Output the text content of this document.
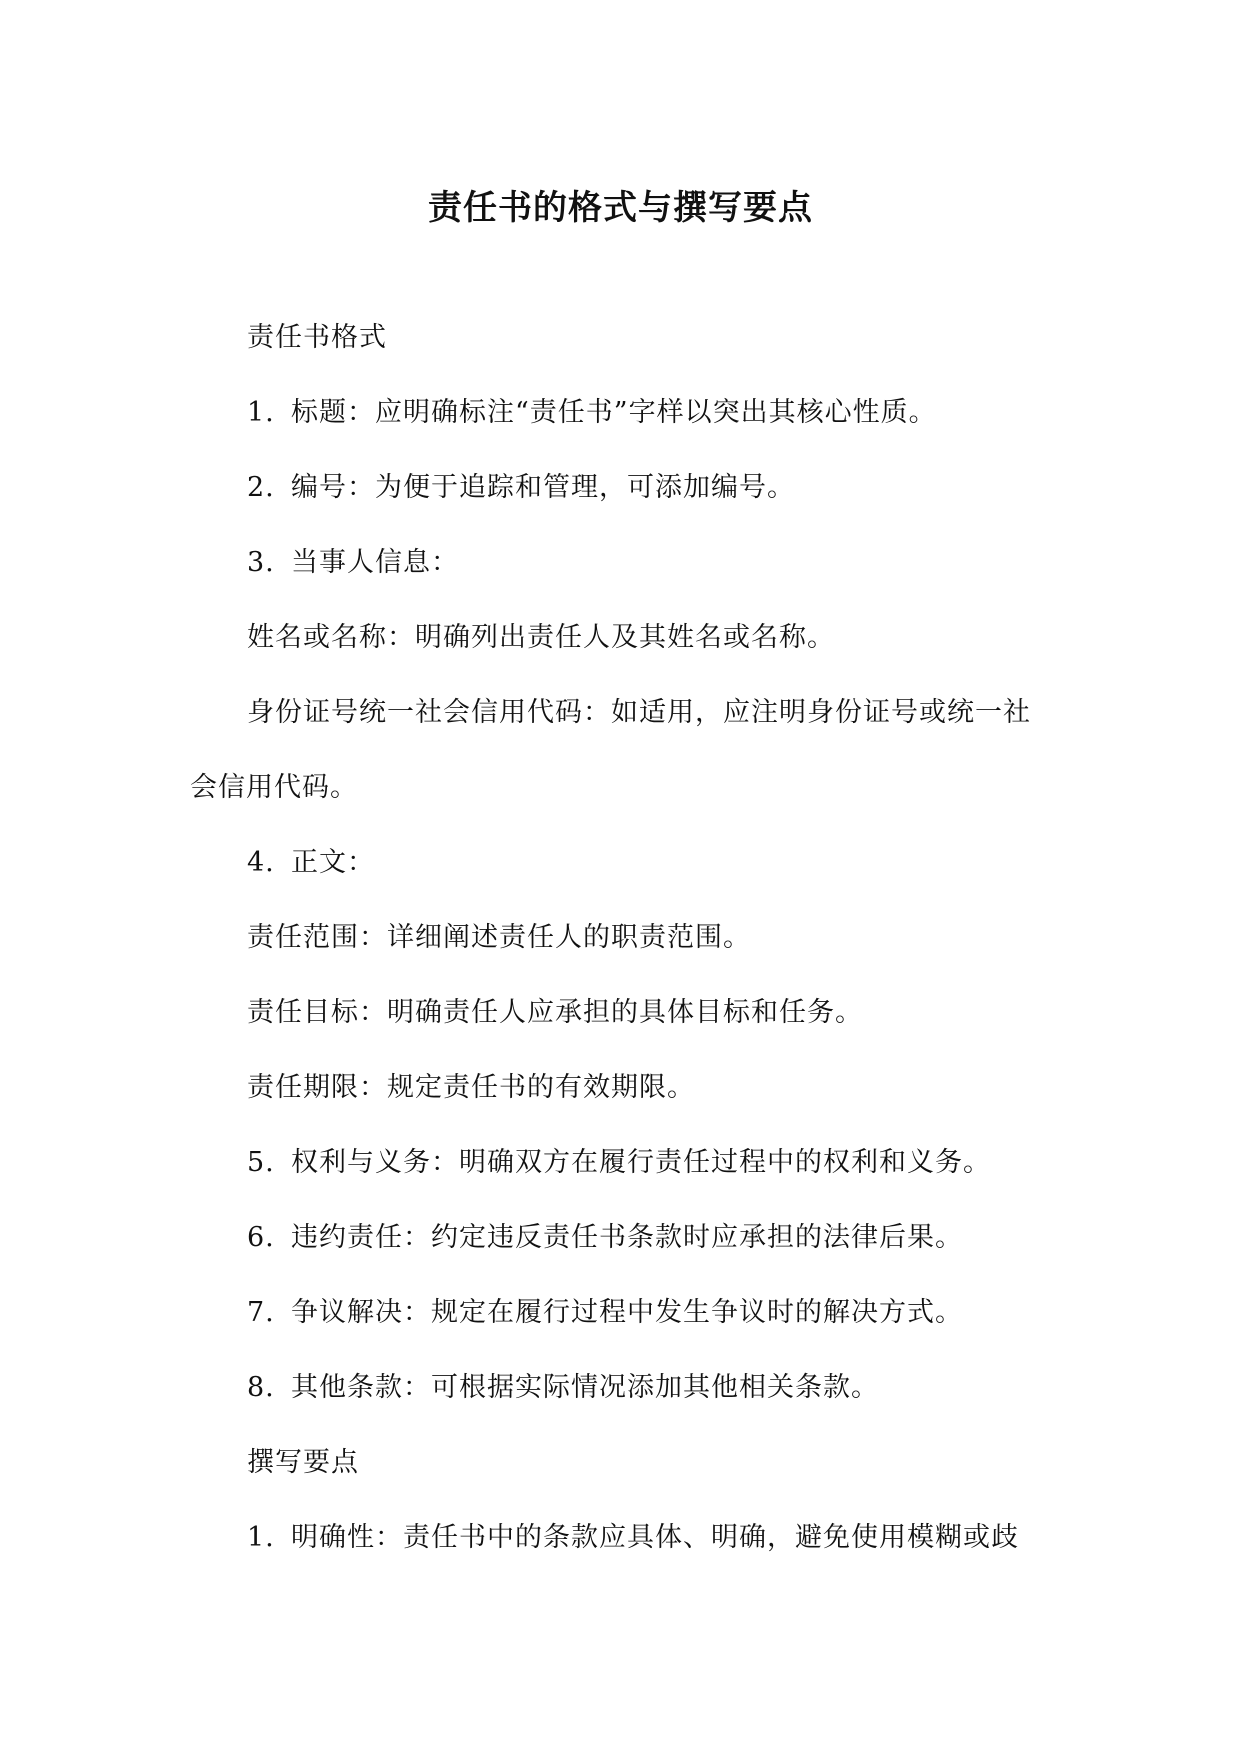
责任书的格式与撰写要点

责任书格式

1. 标题：应明确标注“责任书”字样以突出其核心性质。

2. 编号：为便于追踪和管理，可添加编号。

3. 当事人信息：

姓名或名称：明确列出责任人及其姓名或名称。

身份证号统一社会信用代码：如适用，应注明身份证号或统一社

会信用代码。

4. 正文：

责任范围：详细阐述责任人的职责范围。

责任目标：明确责任人应承担的具体目标和任务。

责任期限：规定责任书的有效期限。

5. 权利与义务：明确双方在履行责任过程中的权利和义务。

6. 违约责任：约定违反责任书条款时应承担的法律后果。

7. 争议解决：规定在履行过程中发生争议时的解决方式。

8. 其他条款：可根据实际情况添加其他相关条款。

撰写要点

1. 明确性：责任书中的条款应具体、明确，避免使用模糊或歧
